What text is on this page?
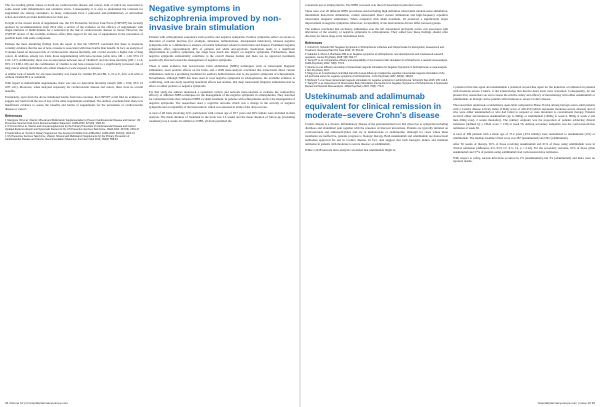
The two leading global causes of death are cardiovascular disease and cancer, both of which are associated to some extent with inflammation and oxidative stress. Consequently, it is easy to understand the rationale for supplement use among consumers, as many compounds have a purported anti-inflammatory or antioxidant action and which provides justification for their use.

In light of the current levels of supplement use, the US Preventive Services Task Force (USPSTF) has recently updated its recommendations from 2014 after a review of the evidence on the efficacy of supplements with single nutrients or multivitamins for a reduction in the risk of cardiovascular disease or cancer. However, the USPSTF review of the available evidence offers little support for the use of supplements in the prevention of possible harm with some compounds.

Perhaps the most disturbing finding from the report is that the USPSTF concluded that there is moderate certainty evidence that the use of beta-carotene is associated with more harms than benefit. In fact, an analysis of 9 studies found an increased risk of cardiovascular disease mortality, and a trend towards a higher risk of lung cancer. In addition, among two trials, those supplementing with beta-carotene (odds ratio, OR = 1.20, 95% CI 1.02-1.37). Additionally, there was an association between use of vitamin E and all-cause mortality (OR = 1.16, 95% CI 0.80-1.69) and the combination of vitamin A and beta-carotene led to a significantly increased risk of lung cancer among individuals who either smoked or were exposed to asbestos.

A similar lack of benefit for all-cause mortality was found for vitamin B3 and B6, C, D or E, folic acid with or without vitamin B12 or selenium.

With regard to multivitamin supplements, there was also no detectable mortality benefit (OR = 0.94, 95% CI 0.87-1.01). Moreover, when analysed separately for cardiovascular disease and cancer, there were no overall benefits.

Fortunately, apart from the above mentioned harms from beta-carotene, the USPSTF could find no evidence to suggest any harm from the use of any of the other supplements examined. The authors concluded that 'there was insufficient evidence to assess the benefits and harms of supplements for the prevention of cardiovascular disease or cancer'.

References
1Mangione CM et al. Vitamin, Mineral and Multivitamin Supplementation to Prevent Cardiovascular Disease and Cancer: US Preventive Services Task Force Recommendation Statement. JAMA 2022; 327(23): 2326-33.
2O'Connor EA et al. Vitamin and mineral supplements for the Primary Prevention of Cardiovascular Disease and Cancer: Updated Evidence Report and Systematic Review for the US Preventive Services Task Force. JAMA 2022; 327(23): 2334-47.
3Kantor ED et al. Trends in Dietary Supplement Use Among US Adults From 1999-2012. JAMA 2016; 316(14): 1464-74.
4US Preventive Services Task Force. Vitamin, Mineral and Multivitamin Supplements for the Primary Prevention of Cardiovascular Disease and Cancer: Recommendation Statement. Ann Intern Med 2014; 160(8): 558-64.
Negative symptoms in schizophrenia improved by non-invasive brain stimulation

Patients with schizophrenia experience both positive and negative symptoms. Positive symptoms reflect an excess or distortion of normal function (for example, delusions, hallucinations, disorganised behaviour), whereas negative symptoms refer to a diminution or absence of normal behaviours related to motivation and interest. Prominent negative symptoms affect approximately 40% of patients and while anti-psychotic medication leads to a significant improvement in positive symptoms, the drugs have much less impact on negative symptoms. Furthermore, these negative symptoms substantially contribute to the overall disease burden and there are no approved treatments specifically directed toward the management of negative symptoms.

There is some evidence that non-invasive brain stimulation (NIBS) techniques, such as transcranial magnetic stimulation, exert positive effects on the brain, and a 2009 meta-analysis concluded that transcranial direct current stimulation could be a promising treatment for auditory hallucinations, that is, the positive symptoms of schizophrenia. Nevertheless, although NIBS has been used to treat negative symptoms in schizophrenia, the available evidence is conflicting, with one study reporting beneficial effects and another, that deep transcranial magnetic stimulation had no effect on either positive or negative symptoms.

For that study the authors undertook a systematic review and network meta-analysis to evaluate the comparative efficacy of different NIBS techniques for the management of the negative symptoms in schizophrenia. They searched for randomised trials that compared NIBS vs sham treatment, in patients with schizophrenia and for the management of negative symptoms. The researchers used a cognitive outcome which was a change in the severity of negative symptoms and acceptability of the intervention, which was assessed in terms of the drop-out rate.

A total of 48 trials involving 2211 participants with a mean age of 38.7 years and 69% female were included in their analysis. The mean duration of treatment in the trials was 2.6 weeks and the mean duration of follow-up (excluding treatment) was 4 weeks. In addition to NIBS, all trials permitted the

34 Volume 10 (1) hospitalpharmacyeurope.com

concurrent use of antipsychotics. The NIBS was used over the left dorsolateral prefrontal cortex.

There were over 20 different NIBS procedures used including high-definition transcranial random noise stimulation, intermittent theta-burst stimulation, cranial transcranial direct current stimulation and high-frequency repetitive transcranial magnetic stimulation. When compared with sham treatment, all produced a significantly larger improvement in negative symptoms. Moreover, acceptability of the interventions did not differ between groups.

The authors concluded that excitatory stimulation over the left dorsolateral prefrontal cortex was associated with alleviation of the severity of negative symptoms in schizophrenia. They added how these findings should offer direction for future large-scale randomised trials.

References
1Correll CU, Schooler NR. Negative Symptoms in Schizophrenia: A Review and Clinical Guide for Recognition, Assessment and Treatment. Neuropsychiatr Dis Treat 2020; 16: 519-34.
2Galderisi S, Mucci A, Buchanan RW et al. Negative symptoms of schizophrenia: new developments and unanswered research questions. Lancet Psychiatry 2018; 5(8): 664-77.
3Tseng PT et al. Comparative efficacy and acceptability of non-invasive brain stimulation in schizophrenia: a network meta-analysis. JAMA Psychiatry 2022; 79(8): 770-9.
4Aleman A et al. Efficacy and safety of transcranial magnetic stimulation for Negative Symptoms in Schizophrenia: a meta-analysis. J Clin Psychiatry 2017.
5Mogg A et al. A randomized controlled trial with 4-week follow-up of adjunctive repetitive transcranial magnetic stimulation of the left prefrontal cortex for negative symptoms of schizophrenia. J Clin Psychiatry 2007; 68(12): 1994-6.
6Wobrock T et al. Deep transcranial magnetic stimulation for negative symptoms in schizophrenia. Schizophr Res 2015; 165: 113-6.
7Tsang PT et al. Assessment of Noninvasive Brain Stimulation Interventions for Negative Symptoms of Schizophrenia: A Systematic Review and Network Meta-analysis. JAMA Psychiatry 2022; 79(8): 770-9.
Ustekinumab and adalimumab equivalent for clinical remission in moderate–severe Crohn's disease

Crohn's disease is a chronic, inflammatory disease of the gastrointestinal tract that gives rise to symptoms including diarrhoea and abdominal pain together with the presence of mucosal ulcerations. Patients are typically initiated on corticosteroids and aminosalicylates and are at methotrexate or azathioprine, although for cases where these treatments are ineffective, patients progress to biologic therapy. Both ustekinumab and adalimumab are monoclonal antibodies approved for use in Crohn's disease. In fact, data suggest that both biologics induce and maintain remission in patients with moderate to severe disease; as adalimumab.

While a 2018 network meta-analysis concluded that adalimumab might be

a preferred first-line agent and ustekinumab a preferred second-line agent for the induction of remission in patients with moderate-severe Crohn's, it did acknowledge that head-to-head trials were warranted. Consequently, for the present trial, researchers set out to assess the relative safety and efficacy of monotherapy with either ustekinumab or adalimumab, in biologic-naive patients with moderate to severe Crohn's disease.

The researchers undertook a randomised, open-label comparative Phase 3b trial among biologic-naive adult patients with a Crohn's disease activity index (CDAI) score of 220-450 (which represents moderate-severe disease) and of who were either ustekinumab or who had failed to respond or were intolerant to conventional therapy. Patients received either subcutaneous ustekinumab (up to 90mg) or adalimumab (160mg at week 0, 80mg at week 2 and then 40mg every 2 weeks thereafter). The primary endpoint was the proportion of patients achieving clinical remission (defined by a CDAI score < 150) at week 56. Among secondary endpoints was the corticosteroid-free remission at week 56.

A total of 386 patients with a mean age of 37.2 years (43% female) were randomised to ustekinumab (191) or adalimumab. The median baseline CDAI score was 287 (ustekinumab) and 291 (adalimumab).

After 56 weeks of therapy, 65% of those receiving ustekinumab and 61% of those using adalimumab were in clinical remission (difference 4%, 95% CI -6 to 14, p = 0.42). For the secondary outcome, 61% of those given ustekinumab and 57% of patients using adalimumab had corticosteroid-free remission.

With respect to safety, serious infections occurred in 2% (ustekinumab) and 3% (adalimumab) and there were no reported deaths.

hospitalpharmacyeurope.com | Issue 10 35
